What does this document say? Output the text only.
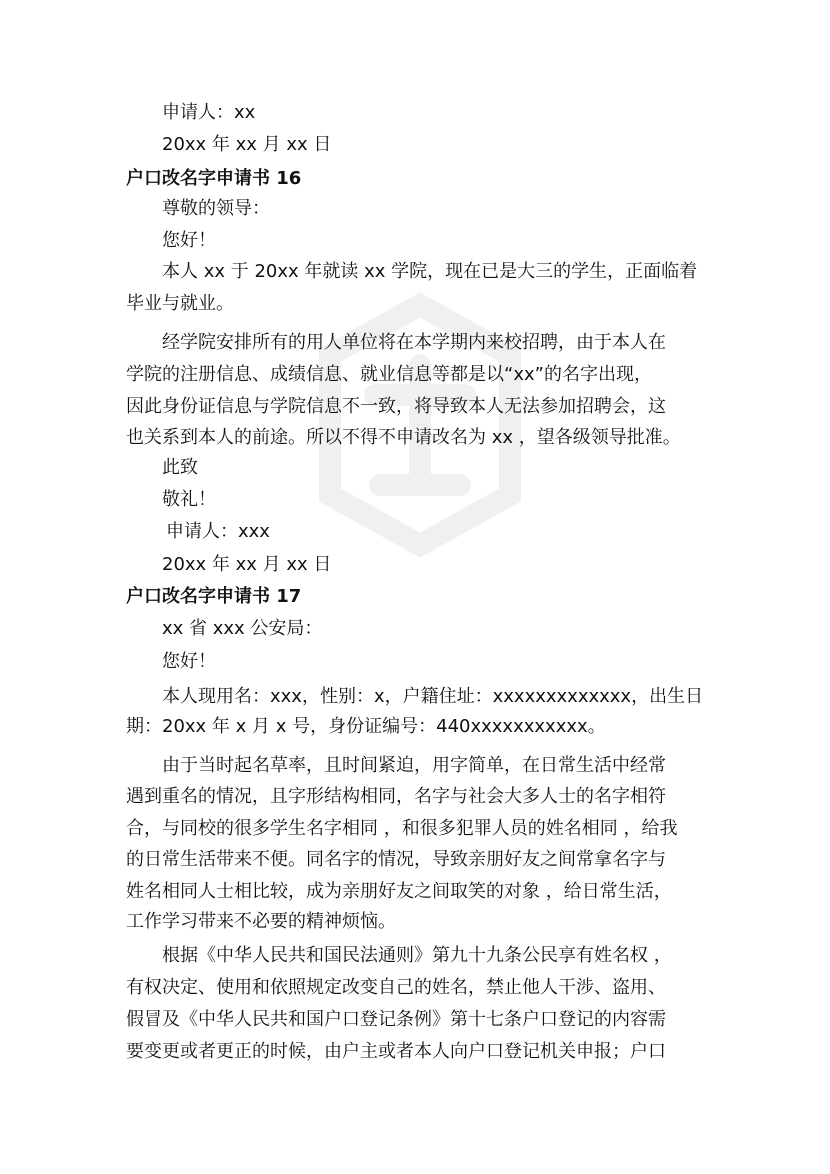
申请人：xx
20xx 年 xx 月 xx 日
户口改名字申请书 16
尊敬的领导：
您好！
本人 xx 于 20xx 年就读 xx 学院，现在已是大三的学生，正面临着
毕业与就业。
经学院安排所有的用人单位将在本学期内来校招聘，由于本人在
学院的注册信息、成绩信息、就业信息等都是以“xx”的名字出现，
因此身份证信息与学院信息不一致，将导致本人无法参加招聘会，这
也关系到本人的前途。所以不得不申请改名为 xx ，望各级领导批准。
此致
敬礼！
申请人：xxx
20xx 年 xx 月 xx 日
户口改名字申请书 17
xx 省 xxx 公安局：
您好！
本人现用名：xxx，性别：x，户籍住址：xxxxxxxxxxxxx，出生日
期：20xx 年 x 月 x 号，身份证编号：440xxxxxxxxxxx。
由于当时起名草率，且时间紧迫，用字简单，在日常生活中经常
遇到重名的情况，且字形结构相同，名字与社会大多人士的名字相符
合，与同校的很多学生名字相同 ，和很多犯罪人员的姓名相同 ，给我
的日常生活带来不便。同名字的情况，导致亲朋好友之间常拿名字与
姓名相同人士相比较，成为亲朋好友之间取笑的对象 ，给日常生活，
工作学习带来不必要的精神烦恼。
根据《中华人民共和国民法通则》第九十九条公民享有姓名权 ，
有权决定、使用和依照规定改变自己的姓名，禁止他人干涉、盗用、
假冒及《中华人民共和国户口登记条例》第十七条户口登记的内容需
要变更或者更正的时候，由户主或者本人向户口登记机关申报；户口
